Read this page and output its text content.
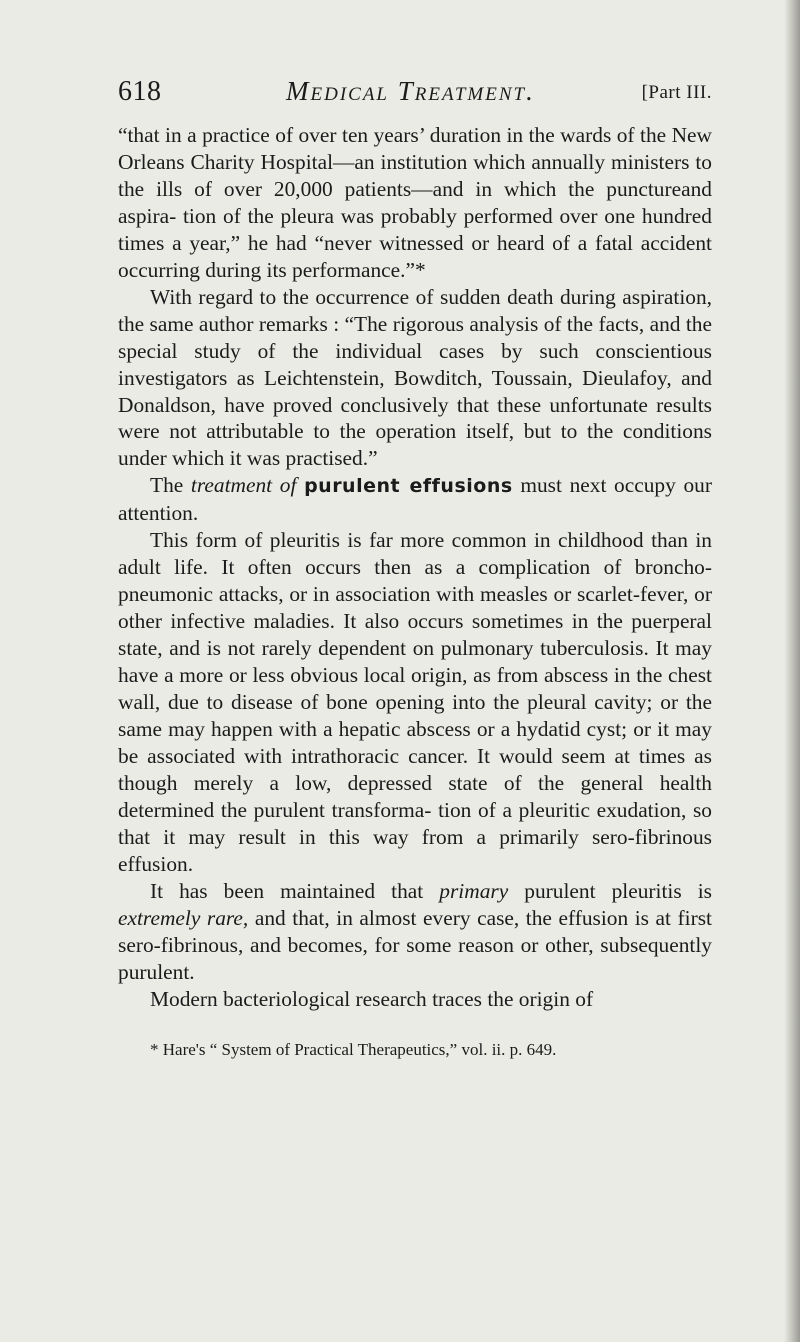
618	Medical Treatment.	[Part III.

“that in a practice of over ten years’ duration in the wards of the New Orleans Charity Hospital—an institution which annually ministers to the ills of over 20,000 patients—and in which the punctureand aspira- tion of the pleura was probably performed over one hundred times a year,” he had “never witnessed or heard of a fatal accident occurring during its performance.”*

With regard to the occurrence of sudden death during aspiration, the same author remarks : “The rigorous analysis of the facts, and the special study of the individual cases by such conscientious investigators as Leichtenstein, Bowditch, Toussain, Dieulafoy, and Donaldson, have proved conclusively that these unfortunate results were not attributable to the operation itself, but to the conditions under which it was practised.”

The treatment of purulent effusions must next occupy our attention.

This form of pleuritis is far more common in childhood than in adult life. It often occurs then as a complication of broncho-pneumonic attacks, or in association with measles or scarlet-fever, or other infective maladies. It also occurs sometimes in the puerperal state, and is not rarely dependent on pulmonary tuberculosis. It may have a more or less obvious local origin, as from abscess in the chest wall, due to disease of bone opening into the pleural cavity; or the same may happen with a hepatic abscess or a hydatid cyst; or it may be associated with intrathoracic cancer. It would seem at times as though merely a low, depressed state of the general health determined the purulent transforma- tion of a pleuritic exudation, so that it may result in this way from a primarily sero-fibrinous effusion.

It has been maintained that primary purulent pleuritis is extremely rare, and that, in almost every case, the effusion is at first sero-fibrinous, and becomes, for some reason or other, subsequently purulent.

Modern bacteriological research traces the origin of

* Hare's “ System of Practical Therapeutics,” vol. ii. p. 649.
